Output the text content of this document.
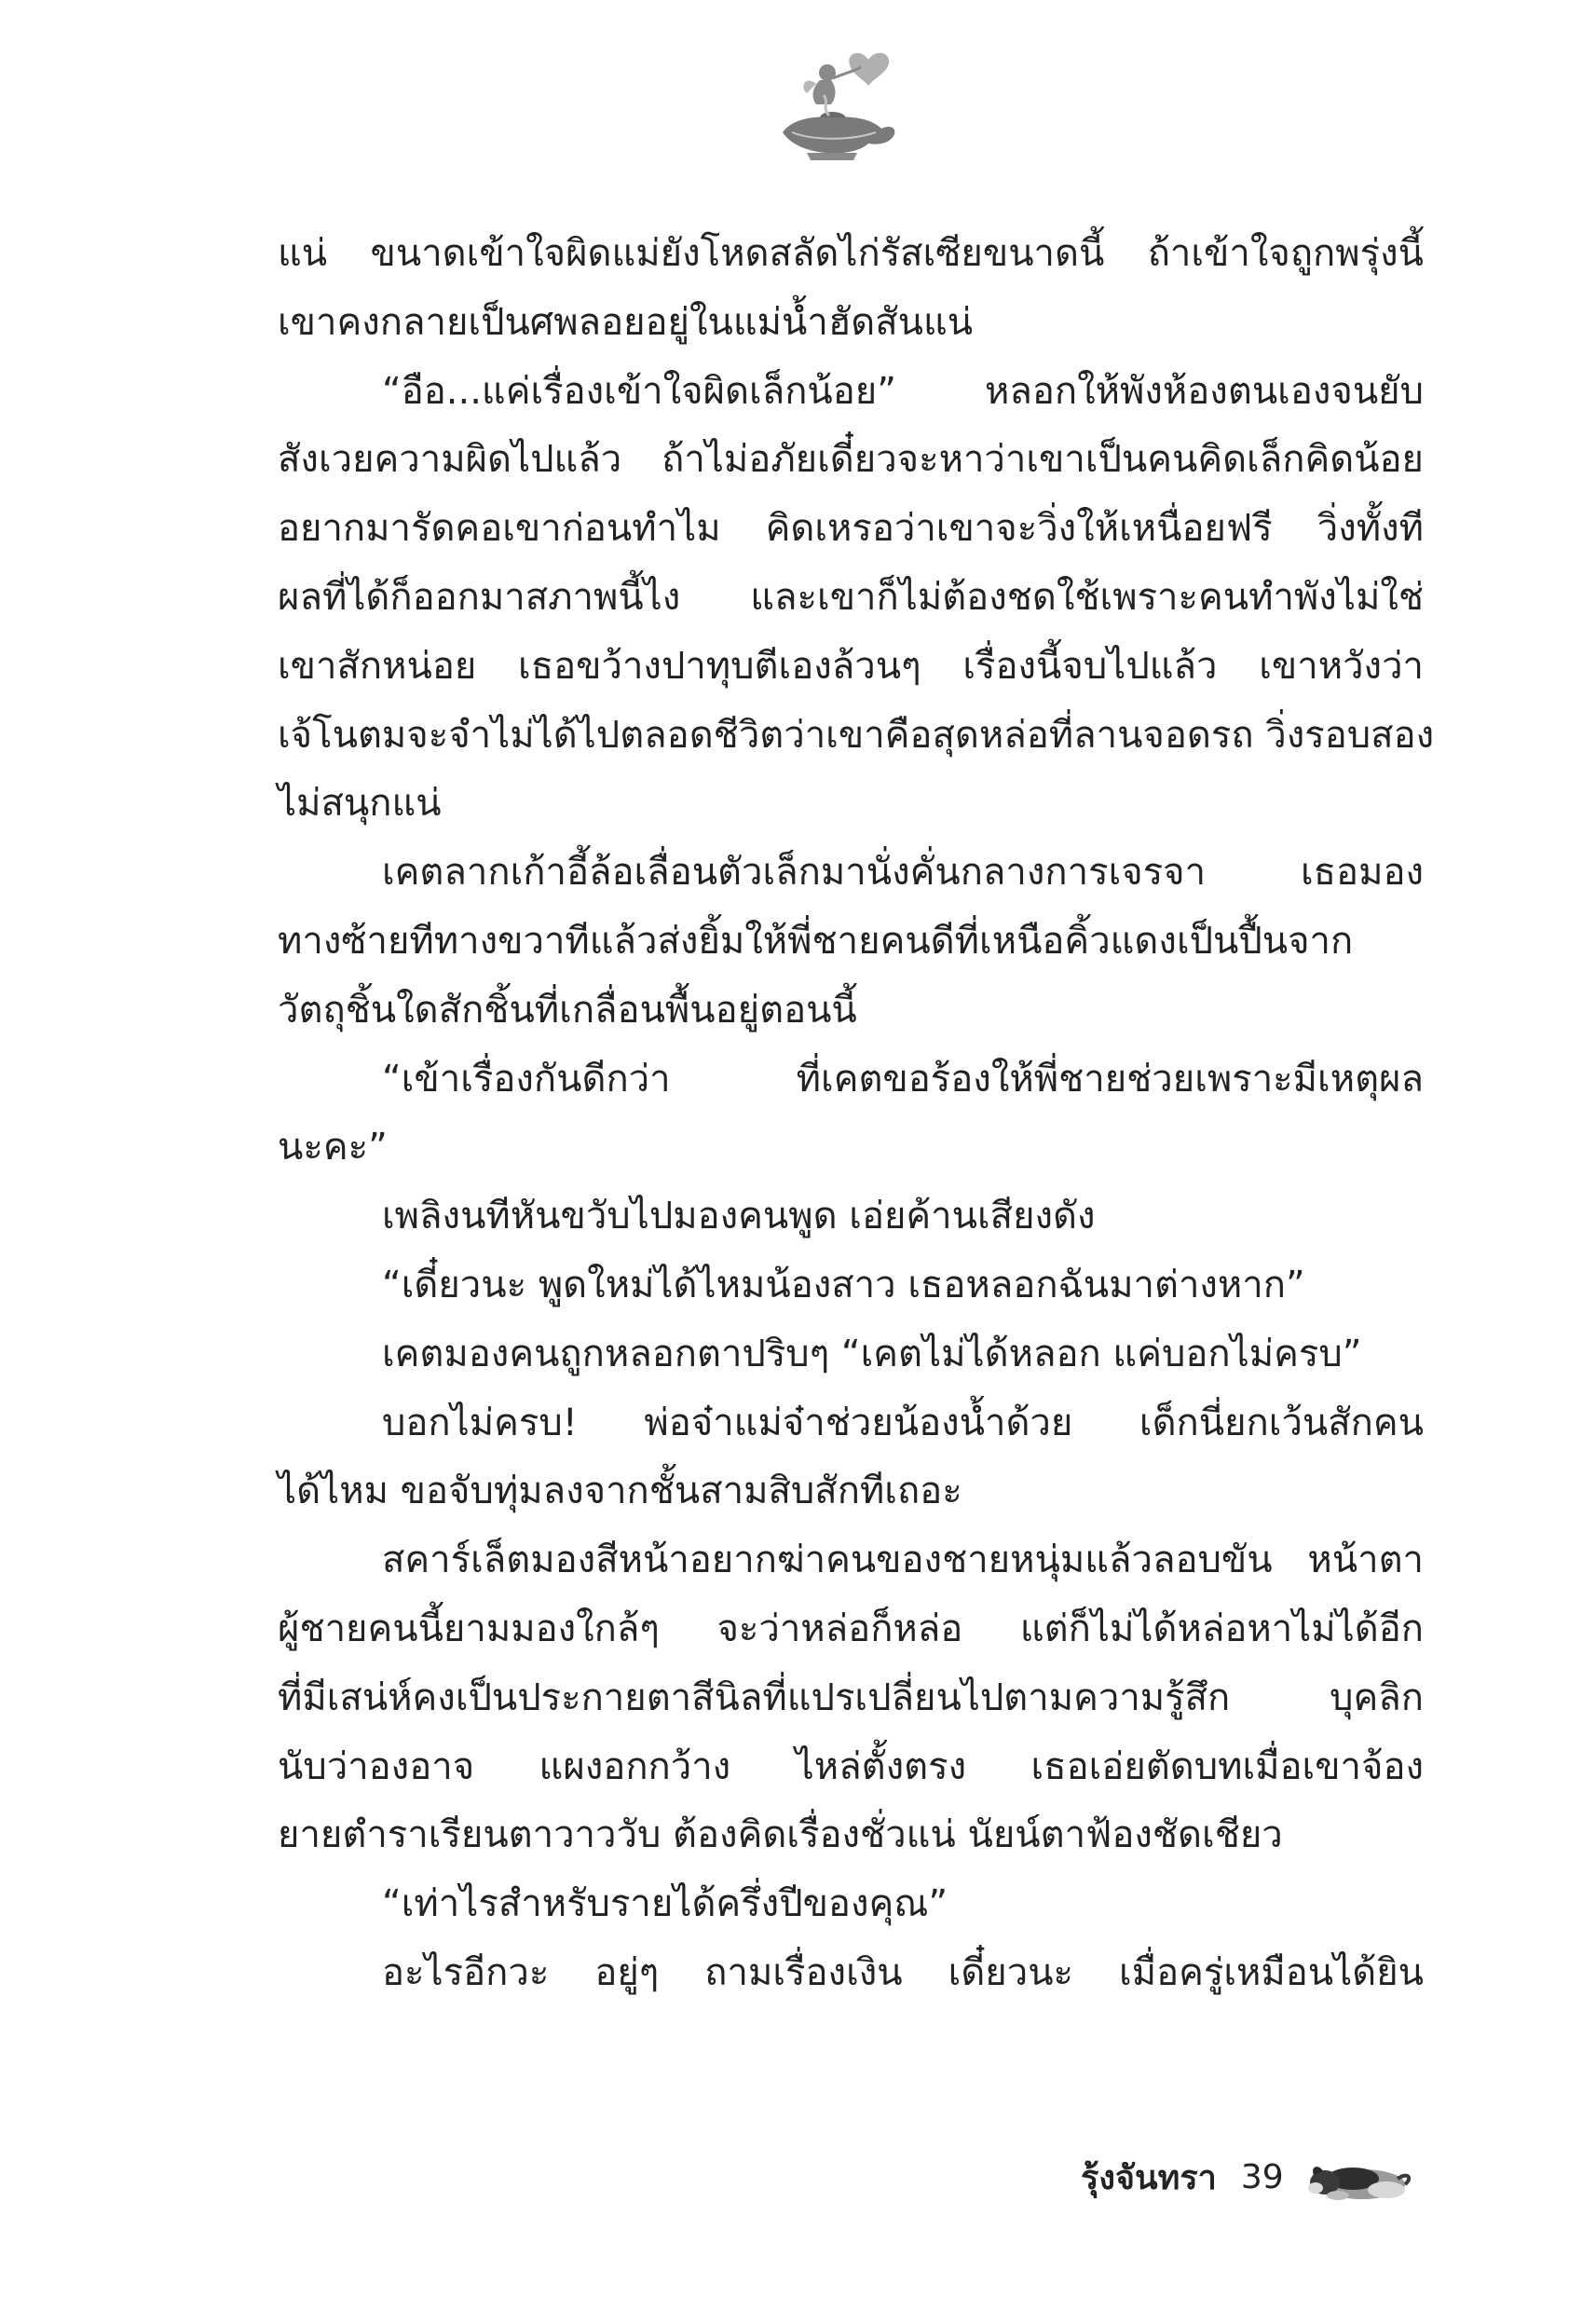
แน่ ขนาดเข้าใจผิดแม่ยังโหดสลัดไก่รัสเซียขนาดนี้ ถ้าเข้าใจถูกพรุ่งนี้
เขาคงกลายเป็นศพลอยอยู่ในแม่น้ำฮัดสันแน่
“อือ...แค่เรื่องเข้าใจผิดเล็กน้อย” หลอกให้พังห้องตนเองจนยับ
สังเวยความผิดไปแล้ว ถ้าไม่อภัยเดี๋ยวจะหาว่าเขาเป็นคนคิดเล็กคิดน้อย
อยากมารัดคอเขาก่อนทำไม คิดเหรอว่าเขาจะวิ่งให้เหนื่อยฟรี วิ่งทั้งที
ผลที่ได้ก็ออกมาสภาพนี้ไง และเขาก็ไม่ต้องชดใช้เพราะคนทำพังไม่ใช่
เขาสักหน่อย เธอขว้างปาทุบตีเองล้วนๆ เรื่องนี้จบไปแล้ว เขาหวังว่า
เจ้โนตมจะจำไม่ได้ไปตลอดชีวิตว่าเขาคือสุดหล่อที่ลานจอดรถ วิ่งรอบสอง
ไม่สนุกแน่
เคตลากเก้าอี้ล้อเลื่อนตัวเล็กมานั่งคั่นกลางการเจรจา เธอมอง
ทางซ้ายทีทางขวาทีแล้วส่งยิ้มให้พี่ชายคนดีที่เหนือคิ้วแดงเป็นปื้นจาก
วัตถุชิ้นใดสักชิ้นที่เกลื่อนพื้นอยู่ตอนนี้
“เข้าเรื่องกันดีกว่า ที่เคตขอร้องให้พี่ชายช่วยเพราะมีเหตุผล
นะคะ”
เพลิงนทีหันขวับไปมองคนพูด เอ่ยค้านเสียงดัง
“เดี๋ยวนะ พูดใหม่ได้ไหมน้องสาว เธอหลอกฉันมาต่างหาก”
เคตมองคนถูกหลอกตาปริบๆ “เคตไม่ได้หลอก แค่บอกไม่ครบ”
บอกไม่ครบ! พ่อจ๋าแม่จ๋าช่วยน้องน้ำด้วย เด็กนี่ยกเว้นสักคน
ได้ไหม ขอจับทุ่มลงจากชั้นสามสิบสักทีเถอะ
สคาร์เล็ตมองสีหน้าอยากฆ่าคนของชายหนุ่มแล้วลอบขัน หน้าตา
ผู้ชายคนนี้ยามมองใกล้ๆ จะว่าหล่อก็หล่อ แต่ก็ไม่ได้หล่อหาไม่ได้อีก
ที่มีเสน่ห์คงเป็นประกายตาสีนิลที่แปรเปลี่ยนไปตามความรู้สึก บุคลิก
นับว่าองอาจ แผงอกกว้าง ไหล่ตั้งตรง เธอเอ่ยตัดบทเมื่อเขาจ้อง
ยายตำราเรียนตาวาววับ ต้องคิดเรื่องชั่วแน่ นัยน์ตาฟ้องชัดเชียว
“เท่าไรสำหรับรายได้ครึ่งปีของคุณ”
อะไรอีกวะ อยู่ๆ ถามเรื่องเงิน เดี๋ยวนะ เมื่อครู่เหมือนได้ยิน
รุ้งจันทรา 39
